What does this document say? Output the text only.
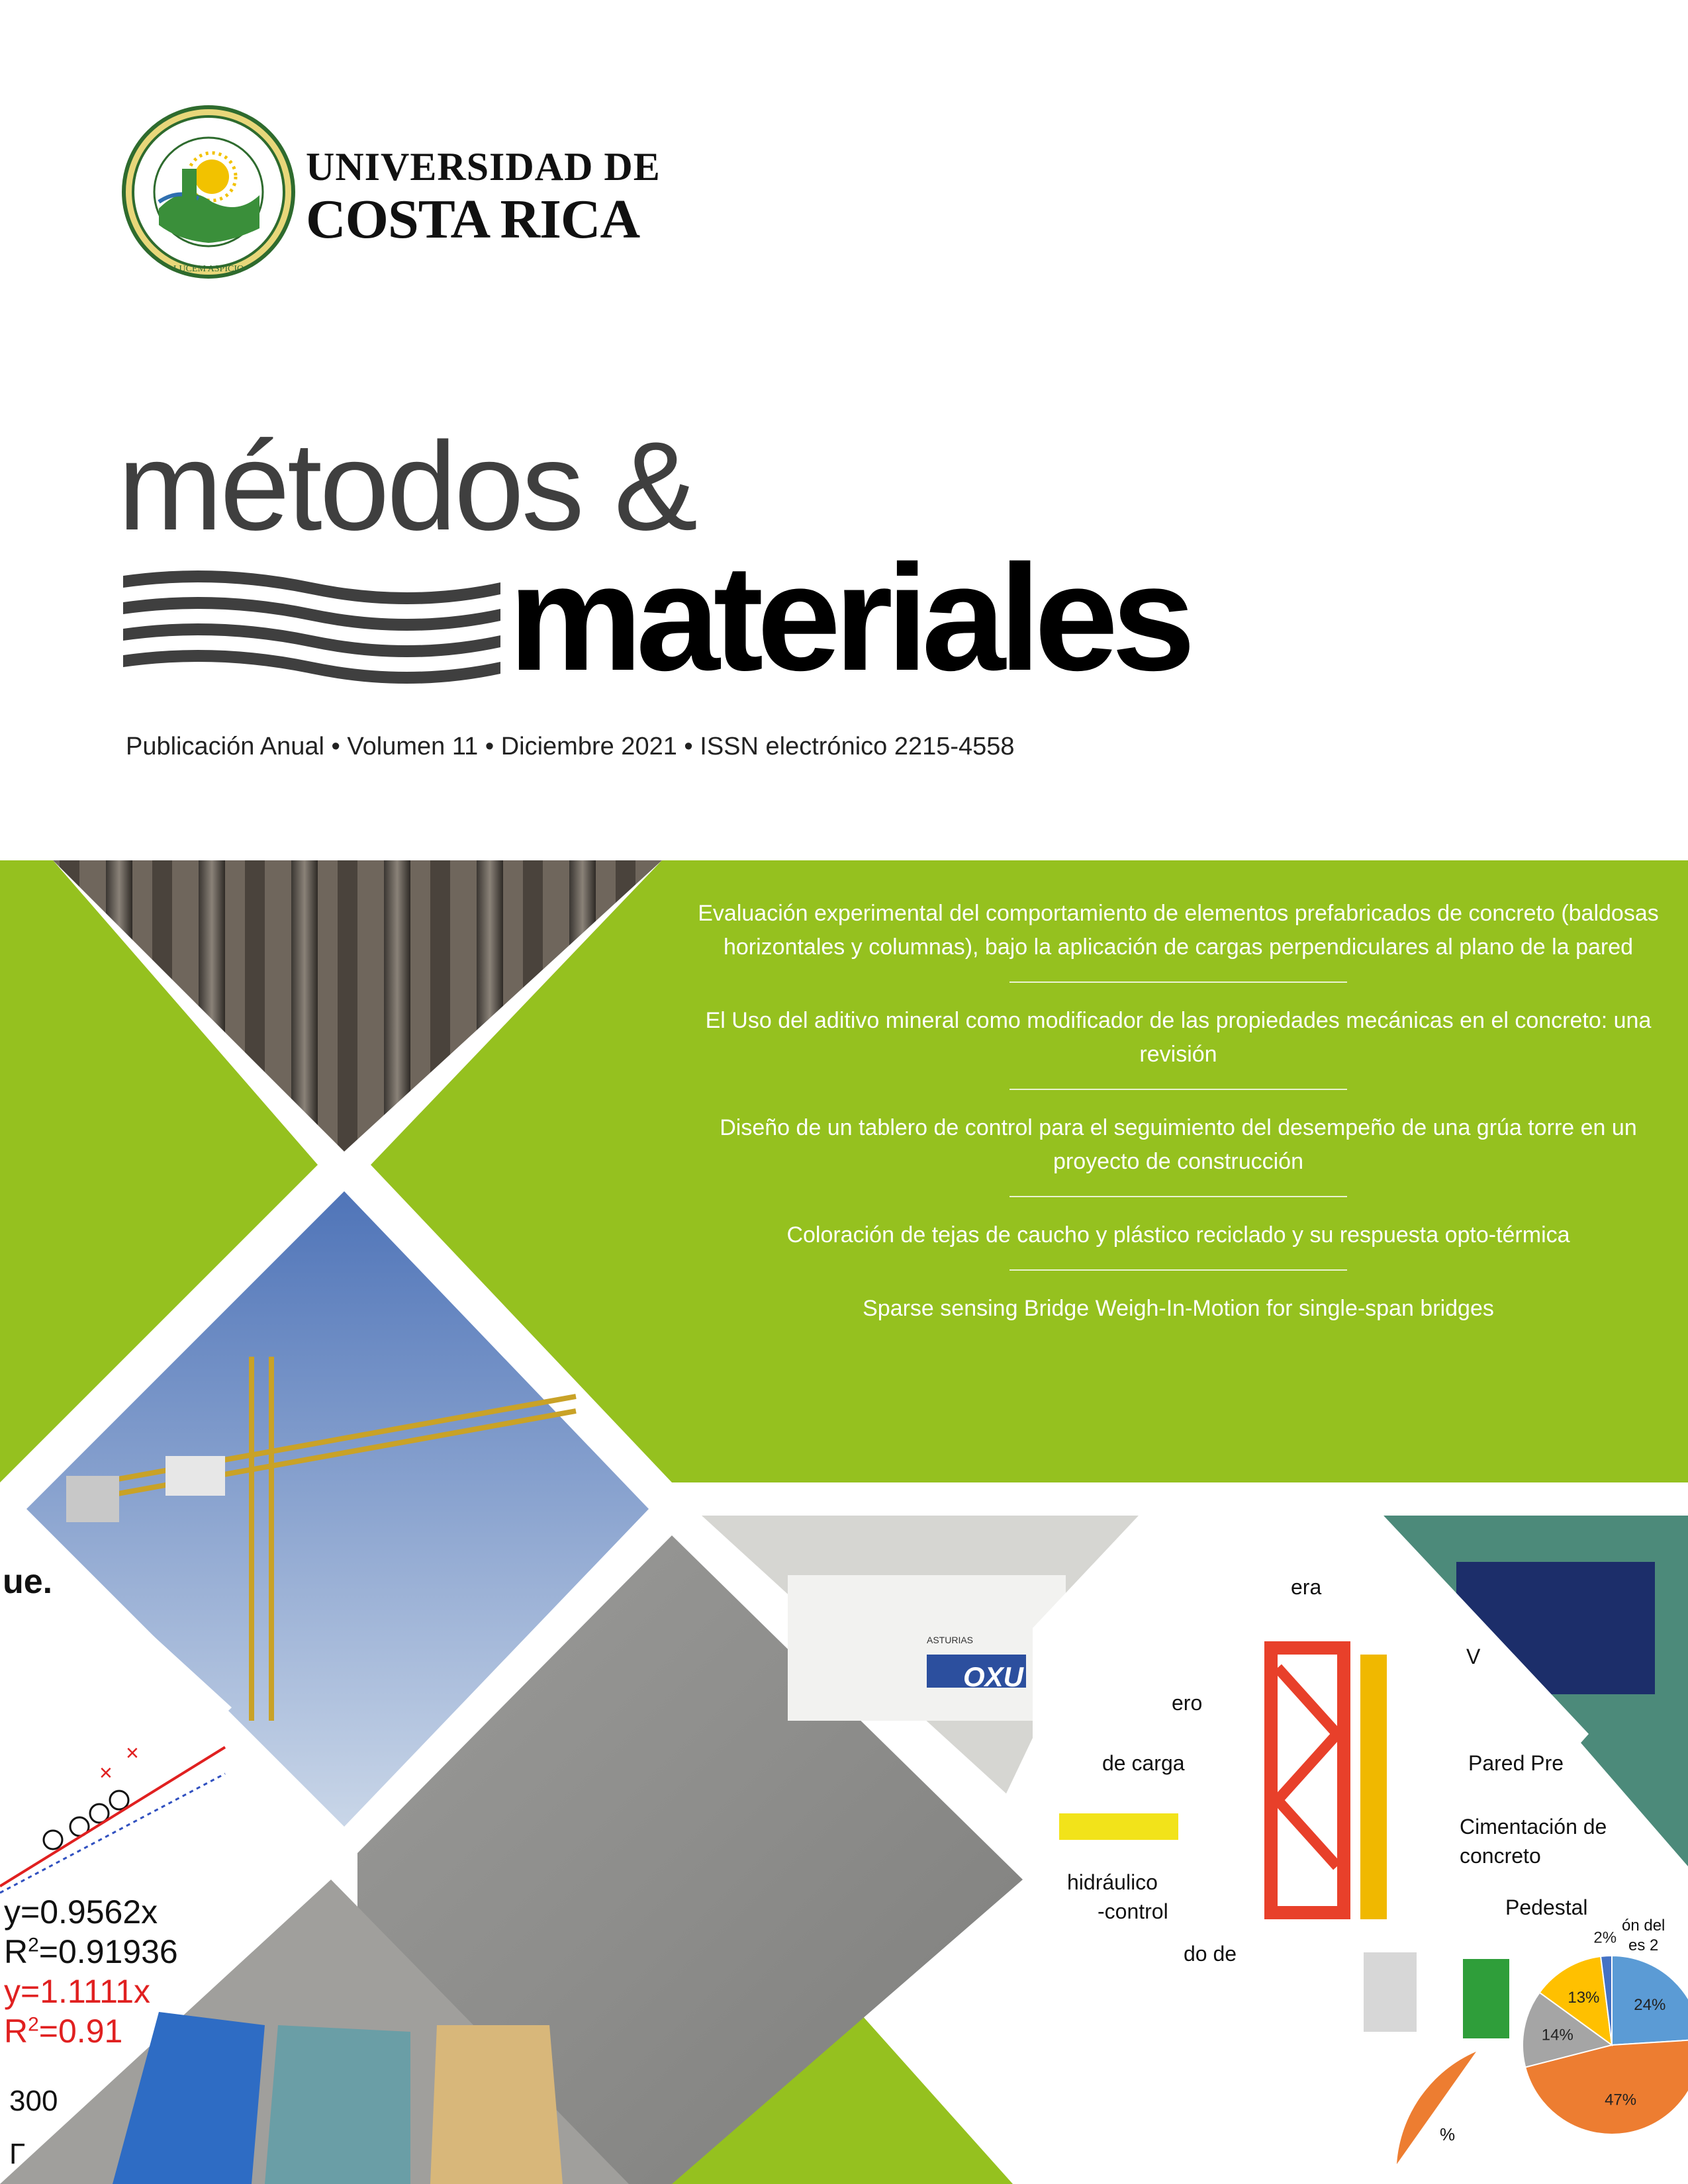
LUCEM ASPICIO
UNIVERSIDAD DE
COSTA RICA
métodos &
materiales
Publicación Anual • Volumen 11 • Diciembre 2021 • ISSN electrónico 2215-4558
×
×
24%
47%
14%
13%
2%
ue.
y=0.9562x
$R^2=0.91936$
y=1.1111x
$R^2=0.91$
300
Γ
OXU
ASTURIAS
era
V
ero
de carga	Pared Pre
Cimentación de
concreto
hidráulico
-control
do de
Pedestal
ón del
es 2
%
Evaluación experimental del comportamiento de elementos prefabricados de concreto (baldosas horizontales y columnas), bajo la aplicación de cargas perpendiculares al plano de la pared
El Uso del aditivo mineral como modificador de las propiedades mecánicas en el concreto: una revisión
Diseño de un tablero de control para el seguimiento del desempeño de una grúa torre en un proyecto de construcción
Coloración de tejas de caucho y plástico reciclado y su respuesta opto-térmica
Sparse sensing Bridge Weigh-In-Motion for single-span bridges
